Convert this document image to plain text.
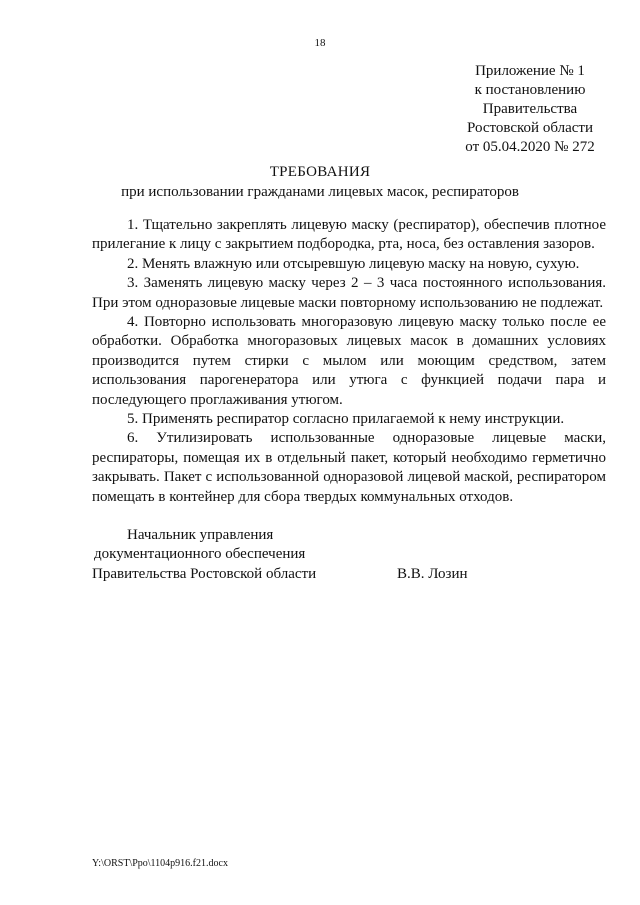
18
Приложение № 1
к постановлению
Правительства
Ростовской области
от 05.04.2020 № 272
ТРЕБОВАНИЯ
при использовании гражданами лицевых масок, респираторов

1. Тщательно закреплять лицевую маску (респиратор), обеспечив плотное прилегание к лицу с закрытием подбородка, рта, носа, без оставления зазоров.

2. Менять влажную или отсыревшую лицевую маску на новую, сухую.

3. Заменять лицевую маску через 2 – 3 часа постоянного использования. При этом одноразовые лицевые маски повторному использованию не подлежат.

4. Повторно использовать многоразовую лицевую маску только после ее обработки. Обработка многоразовых лицевых масок в домашних условиях производится путем стирки с мылом или моющим средством, затем использования парогенератора или утюга с функцией подачи пара и последующего проглаживания утюгом.

5. Применять респиратор согласно прилагаемой к нему инструкции.

6. Утилизировать использованные одноразовые лицевые маски, респираторы, помещая их в отдельный пакет, который необходимо герметично закрывать. Пакет с использованной одноразовой лицевой маской, респиратором помещать в контейнер для сбора твердых коммунальных отходов.

Начальник управления
документационного обеспечения
Правительства Ростовской области	В.В. Лозин
Y:\ORST\Ppo\1104p916.f21.docx
